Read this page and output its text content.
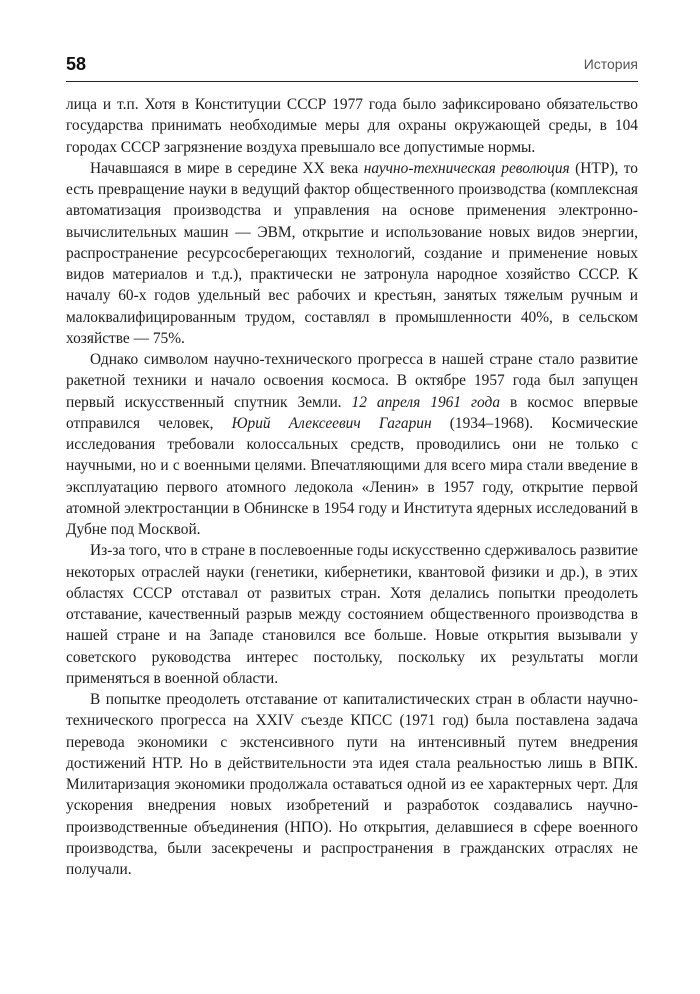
58	История

лица и т.п. Хотя в Конституции СССР 1977 года было зафиксировано обязательство государства принимать необходимые меры для охраны окружающей среды, в 104 городах СССР загрязнение воздуха превышало все допустимые нормы.

Начавшаяся в мире в середине XX века научно-техническая революция (НТР), то есть превращение науки в ведущий фактор общественного производства (комплексная автоматизация производства и управления на основе применения электронно-вычислительных машин — ЭВМ, открытие и использование новых видов энергии, распространение ресурсосберегающих технологий, создание и применение новых видов материалов и т.д.), практически не затронула народное хозяйство СССР. К началу 60-х годов удельный вес рабочих и крестьян, занятых тяжелым ручным и малоквалифицированным трудом, составлял в промышленности 40%, в сельском хозяйстве — 75%.

Однако символом научно-технического прогресса в нашей стране стало развитие ракетной техники и начало освоения космоса. В октябре 1957 года был запущен первый искусственный спутник Земли. 12 апреля 1961 года в космос впервые отправился человек, Юрий Алексеевич Гагарин (1934–1968). Космические исследования требовали колоссальных средств, проводились они не только с научными, но и с военными целями. Впечатляющими для всего мира стали введение в эксплуатацию первого атомного ледокола «Ленин» в 1957 году, открытие первой атомной электростанции в Обнинске в 1954 году и Института ядерных исследований в Дубне под Москвой.

Из-за того, что в стране в послевоенные годы искусственно сдерживалось развитие некоторых отраслей науки (генетики, кибернетики, квантовой физики и др.), в этих областях СССР отставал от развитых стран. Хотя делались попытки преодолеть отставание, качественный разрыв между состоянием общественного производства в нашей стране и на Западе становился все больше. Новые открытия вызывали у советского руководства интерес постольку, поскольку их результаты могли применяться в военной области.

В попытке преодолеть отставание от капиталистических стран в области научно-технического прогресса на XXIV съезде КПСС (1971 год) была поставлена задача перевода экономики с экстенсивного пути на интенсивный путем внедрения достижений НТР. Но в действительности эта идея стала реальностью лишь в ВПК. Милитаризация экономики продолжала оставаться одной из ее характерных черт. Для ускорения внедрения новых изобретений и разработок создавались научно-производственные объединения (НПО). Но открытия, делавшиеся в сфере военного производства, были засекречены и распространения в гражданских отраслях не получали.
